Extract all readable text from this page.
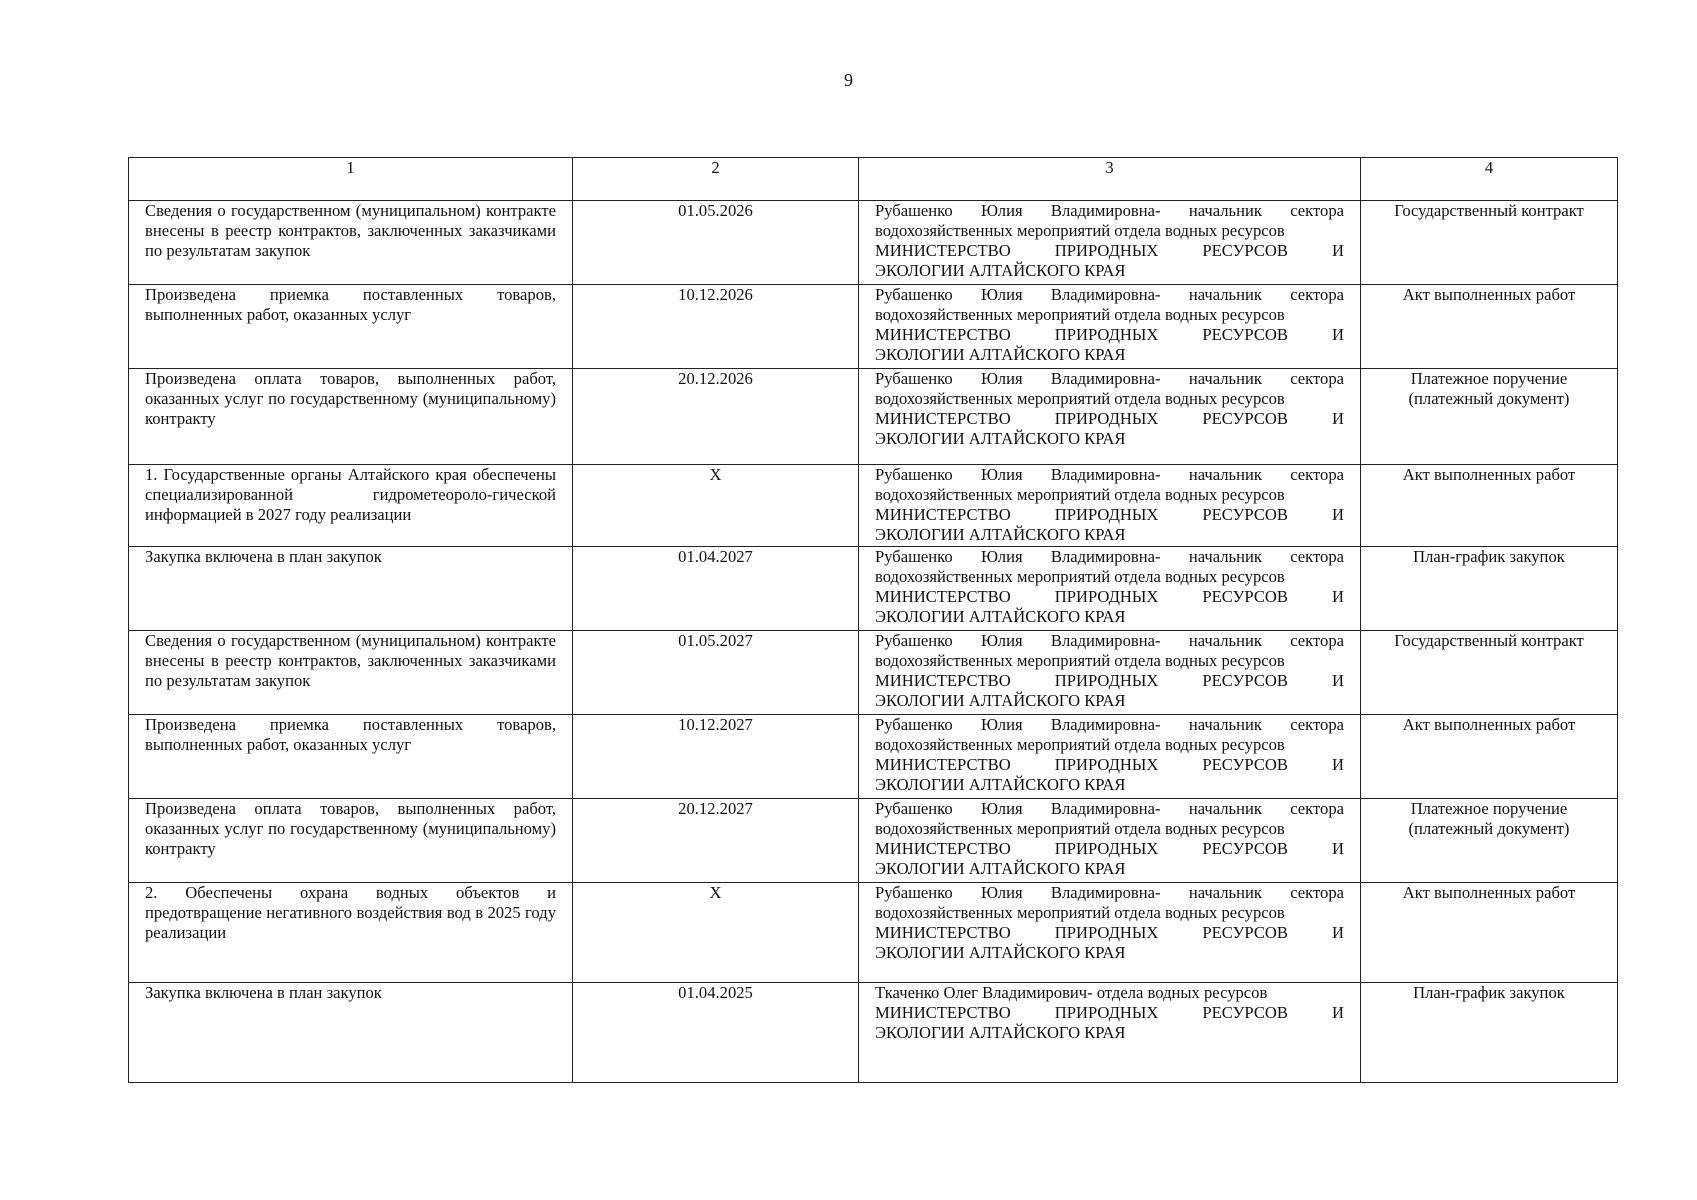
9
1	2	3	4
Сведения о государственном (муниципальном) контракте внесены в реестр контрактов, заключенных заказчиками по результатам закупок	01.05.2026	Рубашенко Юлия Владимировна- начальник сектора
водохозяйственных мероприятий отдела водных ресурсов
МИНИСТЕРСТВО ПРИРОДНЫХ РЕСУРСОВ И
ЭКОЛОГИИ АЛТАЙСКОГО КРАЯ	Государственный контракт
Произведена приемка поставленных товаров, выполненных работ, оказанных услуг	10.12.2026	Рубашенко Юлия Владимировна- начальник сектора
водохозяйственных мероприятий отдела водных ресурсов
МИНИСТЕРСТВО ПРИРОДНЫХ РЕСУРСОВ И
ЭКОЛОГИИ АЛТАЙСКОГО КРАЯ	Акт выполненных работ
Произведена оплата товаров, выполненных работ, оказанных услуг по государственному (муниципальному) контракту	20.12.2026	Рубашенко Юлия Владимировна- начальник сектора
водохозяйственных мероприятий отдела водных ресурсов
МИНИСТЕРСТВО ПРИРОДНЫХ РЕСУРСОВ И
ЭКОЛОГИИ АЛТАЙСКОГО КРАЯ	Платежное поручение (платежный документ)
1. Государственные органы Алтайского края обеспечены специализированной гидрометеороло-гической информацией в 2027 году реализации	Х	Рубашенко Юлия Владимировна- начальник сектора
водохозяйственных мероприятий отдела водных ресурсов
МИНИСТЕРСТВО ПРИРОДНЫХ РЕСУРСОВ И
ЭКОЛОГИИ АЛТАЙСКОГО КРАЯ	Акт выполненных работ
Закупка включена в план закупок	01.04.2027	Рубашенко Юлия Владимировна- начальник сектора
водохозяйственных мероприятий отдела водных ресурсов
МИНИСТЕРСТВО ПРИРОДНЫХ РЕСУРСОВ И
ЭКОЛОГИИ АЛТАЙСКОГО КРАЯ	План-график закупок
Сведения о государственном (муниципальном) контракте внесены в реестр контрактов, заключенных заказчиками по результатам закупок	01.05.2027	Рубашенко Юлия Владимировна- начальник сектора
водохозяйственных мероприятий отдела водных ресурсов
МИНИСТЕРСТВО ПРИРОДНЫХ РЕСУРСОВ И
ЭКОЛОГИИ АЛТАЙСКОГО КРАЯ	Государственный контракт
Произведена приемка поставленных товаров, выполненных работ, оказанных услуг	10.12.2027	Рубашенко Юлия Владимировна- начальник сектора
водохозяйственных мероприятий отдела водных ресурсов
МИНИСТЕРСТВО ПРИРОДНЫХ РЕСУРСОВ И
ЭКОЛОГИИ АЛТАЙСКОГО КРАЯ	Акт выполненных работ
Произведена оплата товаров, выполненных работ, оказанных услуг по государственному (муниципальному) контракту	20.12.2027	Рубашенко Юлия Владимировна- начальник сектора
водохозяйственных мероприятий отдела водных ресурсов
МИНИСТЕРСТВО ПРИРОДНЫХ РЕСУРСОВ И
ЭКОЛОГИИ АЛТАЙСКОГО КРАЯ	Платежное поручение (платежный документ)
2. Обеспечены охрана водных объектов и предотвращение негативного воздействия вод в 2025 году реализации	Х	Рубашенко Юлия Владимировна- начальник сектора
водохозяйственных мероприятий отдела водных ресурсов
МИНИСТЕРСТВО ПРИРОДНЫХ РЕСУРСОВ И
ЭКОЛОГИИ АЛТАЙСКОГО КРАЯ	Акт выполненных работ
Закупка включена в план закупок	01.04.2025	Ткаченко Олег Владимирович- отдела водных ресурсов
МИНИСТЕРСТВО ПРИРОДНЫХ РЕСУРСОВ И
ЭКОЛОГИИ АЛТАЙСКОГО КРАЯ	План-график закупок
